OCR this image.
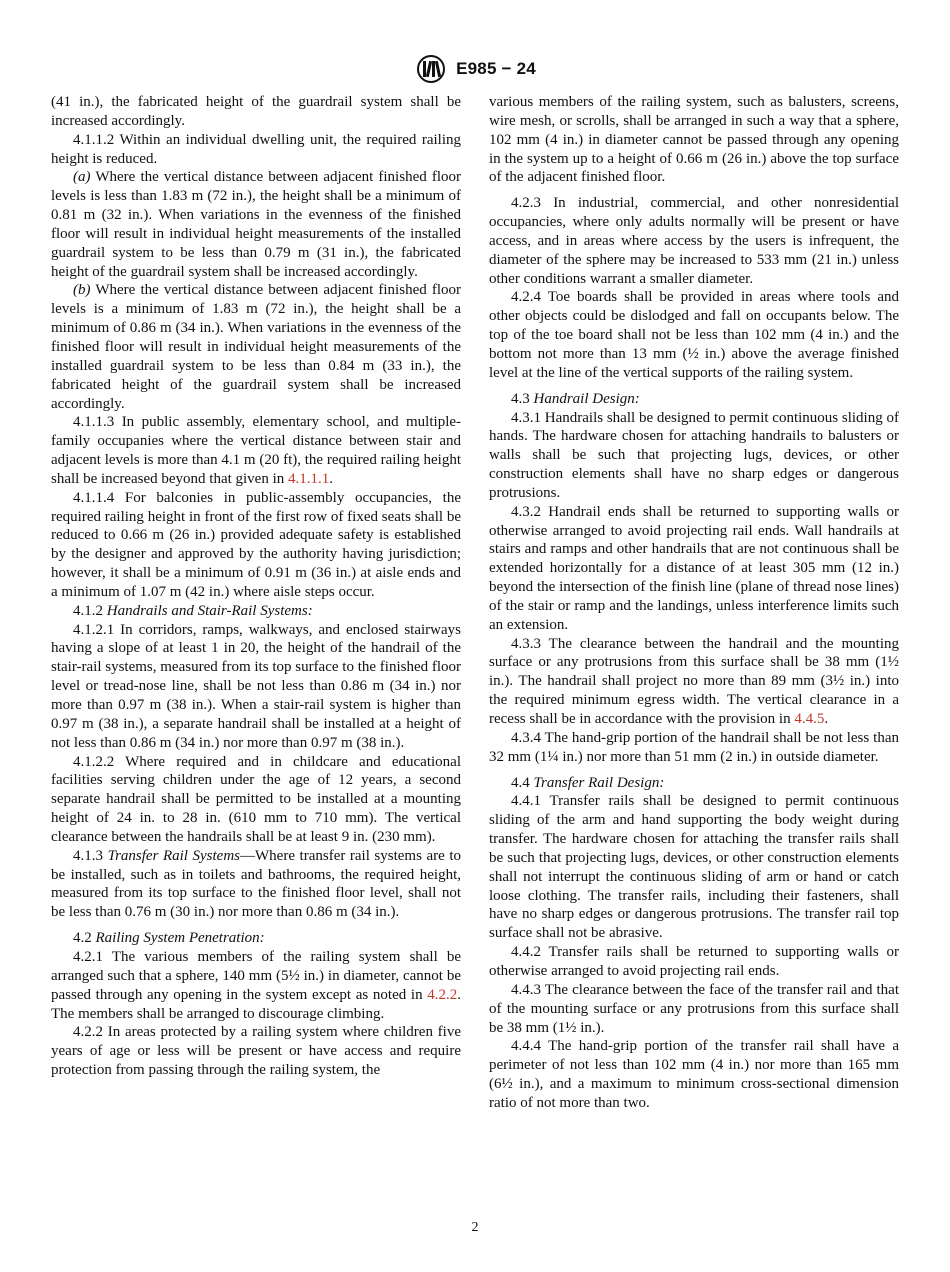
E985 − 24

(41 in.), the fabricated height of the guardrail system shall be increased accordingly.

4.1.1.2 Within an individual dwelling unit, the required railing height is reduced.

(a) Where the vertical distance between adjacent finished floor levels is less than 1.83 m (72 in.), the height shall be a minimum of 0.81 m (32 in.). When variations in the evenness of the finished floor will result in individual height measurements of the installed guardrail system to be less than 0.79 m (31 in.), the fabricated height of the guardrail system shall be increased accordingly.

(b) Where the vertical distance between adjacent finished floor levels is a minimum of 1.83 m (72 in.), the height shall be a minimum of 0.86 m (34 in.). When variations in the evenness of the finished floor will result in individual height measurements of the installed guardrail system to be less than 0.84 m (33 in.), the fabricated height of the guardrail system shall be increased accordingly.

4.1.1.3 In public assembly, elementary school, and multiple-family occupanies where the vertical distance between stair and adjacent levels is more than 4.1 m (20 ft), the required railing height shall be increased beyond that given in 4.1.1.1.

4.1.1.4 For balconies in public-assembly occupancies, the required railing height in front of the first row of fixed seats shall be reduced to 0.66 m (26 in.) provided adequate safety is established by the designer and approved by the authority having jurisdiction; however, it shall be a minimum of 0.91 m (36 in.) at aisle ends and a minimum of 1.07 m (42 in.) where aisle steps occur.

4.1.2 Handrails and Stair-Rail Systems:

4.1.2.1 In corridors, ramps, walkways, and enclosed stairways having a slope of at least 1 in 20, the height of the handrail of the stair-rail systems, measured from its top surface to the finished floor level or tread-nose line, shall be not less than 0.86 m (34 in.) nor more than 0.97 m (38 in.). When a stair-rail system is higher than 0.97 m (38 in.), a separate handrail shall be installed at a height of not less than 0.86 m (34 in.) nor more than 0.97 m (38 in.).

4.1.2.2 Where required and in childcare and educational facilities serving children under the age of 12 years, a second separate handrail shall be permitted to be installed at a mounting height of 24 in. to 28 in. (610 mm to 710 mm). The vertical clearance between the handrails shall be at least 9 in. (230 mm).

4.1.3 Transfer Rail Systems—Where transfer rail systems are to be installed, such as in toilets and bathrooms, the required height, measured from its top surface to the finished floor level, shall not be less than 0.76 m (30 in.) nor more than 0.86 m (34 in.).

4.2 Railing System Penetration:

4.2.1 The various members of the railing system shall be arranged such that a sphere, 140 mm (5½ in.) in diameter, cannot be passed through any opening in the system except as noted in 4.2.2. The members shall be arranged to discourage climbing.

4.2.2 In areas protected by a railing system where children five years of age or less will be present or have access and require protection from passing through the railing system, the

various members of the railing system, such as balusters, screens, wire mesh, or scrolls, shall be arranged in such a way that a sphere, 102 mm (4 in.) in diameter cannot be passed through any opening in the system up to a height of 0.66 m (26 in.) above the top surface of the adjacent finished floor.

4.2.3 In industrial, commercial, and other nonresidential occupancies, where only adults normally will be present or have access, and in areas where access by the users is infrequent, the diameter of the sphere may be increased to 533 mm (21 in.) unless other conditions warrant a smaller diameter.

4.2.4 Toe boards shall be provided in areas where tools and other objects could be dislodged and fall on occupants below. The top of the toe board shall not be less than 102 mm (4 in.) and the bottom not more than 13 mm (½ in.) above the average finished level at the line of the vertical supports of the railing system.

4.3 Handrail Design:

4.3.1 Handrails shall be designed to permit continuous sliding of hands. The hardware chosen for attaching handrails to balusters or walls shall be such that projecting lugs, devices, or other construction elements shall have no sharp edges or dangerous protrusions.

4.3.2 Handrail ends shall be returned to supporting walls or otherwise arranged to avoid projecting rail ends. Wall handrails at stairs and ramps and other handrails that are not continuous shall be extended horizontally for a distance of at least 305 mm (12 in.) beyond the intersection of the finish line (plane of thread nose lines) of the stair or ramp and the landings, unless interference limits such an extension.

4.3.3 The clearance between the handrail and the mounting surface or any protrusions from this surface shall be 38 mm (1½ in.). The handrail shall project no more than 89 mm (3½ in.) into the required minimum egress width. The vertical clearance in a recess shall be in accordance with the provision in 4.4.5.

4.3.4 The hand-grip portion of the handrail shall be not less than 32 mm (1¼ in.) nor more than 51 mm (2 in.) in outside diameter.

4.4 Transfer Rail Design:

4.4.1 Transfer rails shall be designed to permit continuous sliding of the arm and hand supporting the body weight during transfer. The hardware chosen for attaching the transfer rails shall be such that projecting lugs, devices, or other construction elements shall not interrupt the continuous sliding of arm or hand or catch loose clothing. The transfer rails, including their fasteners, shall have no sharp edges or dangerous protrusions. The transfer rail top surface shall not be abrasive.

4.4.2 Transfer rails shall be returned to supporting walls or otherwise arranged to avoid projecting rail ends.

4.4.3 The clearance between the face of the transfer rail and that of the mounting surface or any protrusions from this surface shall be 38 mm (1½ in.).

4.4.4 The hand-grip portion of the transfer rail shall have a perimeter of not less than 102 mm (4 in.) nor more than 165 mm (6½ in.), and a maximum to minimum cross-sectional dimension ratio of not more than two.

2
